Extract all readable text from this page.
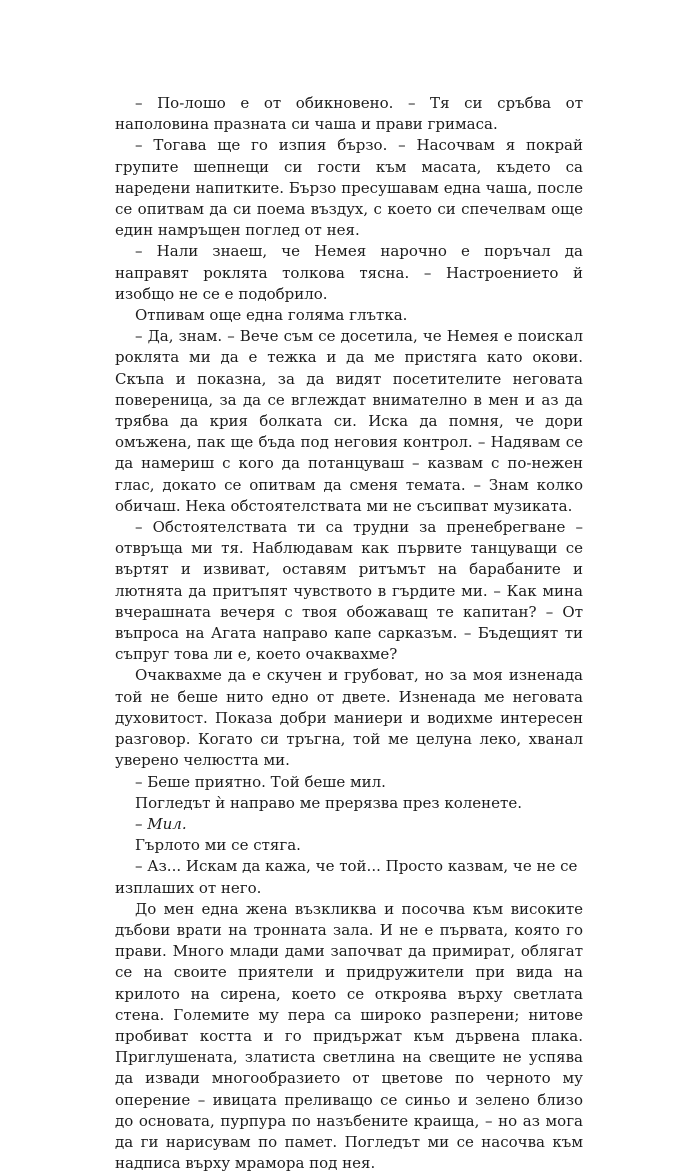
– По-лошо е от обикновено. – Тя си сръбва от наполовина празната си чаша и прави гримаса.

– Тогава ще го изпия бързо. – Насочвам я покрай групите шепнещи си гости към масата, където са наредени напитките. Бързо пресушавам една чаша, после се опитвам да си поема въздух, с което си спечелвам още един намръщен поглед от нея.

– Нали знаеш, че Немея нарочно е поръчал да направят роклята толкова тясна. – Настроението й изобщо не се е подобрило.

Отпивам още една голяма глътка.

– Да, знам. – Вече съм се досетила, че Немея е поискал роклята ми да е тежка и да ме пристяга като окови. Скъпа и показна, за да видят посетителите неговата повереница, за да се вглеждат внимателно в мен и аз да трябва да крия болката си. Иска да помня, че дори омъжена, пак ще бъда под неговия контрол. – Надявам се да намериш с кого да потанцуваш – казвам с по-нежен глас, докато се опитвам да сменя темата. – Знам колко обичаш. Нека обстоятелствата ми не съсипват музиката.

– Обстоятелствата ти са трудни за пренебрегване – отвръща ми тя. Наблюдавам как първите танцуващи се въртят и извиват, оставям ритъмът на барабаните и лютнята да притъпят чувството в гърдите ми. – Как мина вчерашната вечеря с твоя обожаващ те капитан? – От въпроса на Агата направо капе сарказъм. – Бъдещият ти съпруг това ли е, което очаквахме?

Очаквахме да е скучен и грубоват, но за моя изненада той не беше нито едно от двете. Изненада ме неговата духовитост. Показа добри маниери и водихме интересен разговор. Когато си тръгна, той ме целуна леко, хванал уверено челюстта ми.

– Беше приятно. Той беше мил.

Погледът ѝ направо ме прерязва през коленете.

– Мил.

Гърлото ми се стяга.

– Аз... Искам да кажа, че той... Просто казвам, че не се изплаших от него.

До мен една жена възкликва и посочва към високите дъбови врати на тронната зала. И не е първата, която го прави. Много млади дами започват да примират, облягат се на своите приятели и придружители при вида на крилото на сирена, което се откроява върху светлата стена. Големите му пера са широко разперени; нитове пробиват костта и го придържат към дървена плака. Приглушената, златиста светлина на свещите не успява да извади многообразието от цветове по черното му оперение – ивицата преливащо се синьо и зелено близо до основата, пурпура по назъбените краища, – но аз мога да ги нарисувам по памет. Погледът ми се насочва към надписа върху мрамора под нея.
